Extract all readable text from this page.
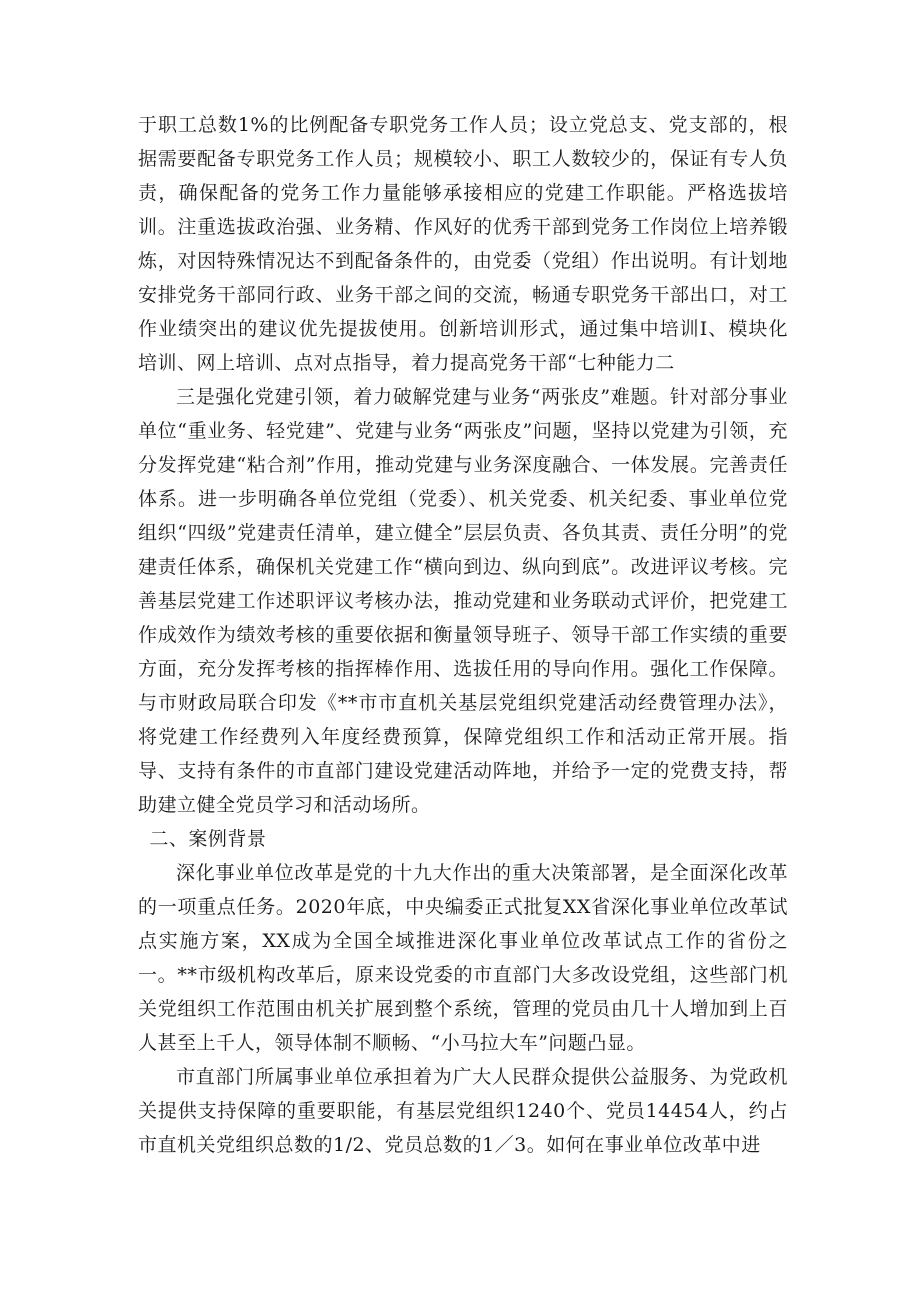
于职工总数1%的比例配备专职党务工作人员；设立党总支、党支部的，根据需要配备专职党务工作人员；规模较小、职工人数较少的，保证有专人负责，确保配备的党务工作力量能够承接相应的党建工作职能。严格选拔培训。注重选拔政治强、业务精、作风好的优秀干部到党务工作岗位上培养锻炼，对因特殊情况达不到配备条件的，由党委（党组）作出说明。有计划地安排党务干部同行政、业务干部之间的交流，畅通专职党务干部出口，对工作业绩突出的建议优先提拔使用。创新培训形式，通过集中培训Ⅰ、模块化培训、网上培训、点对点指导，着力提高党务干部“七种能力二

三是强化党建引领，着力破解党建与业务“两张皮”难题。针对部分事业单位“重业务、轻党建”、党建与业务“两张皮”问题，坚持以党建为引领，充分发挥党建“粘合剂”作用，推动党建与业务深度融合、一体发展。完善责任体系。进一步明确各单位党组（党委）、机关党委、机关纪委、事业单位党组织“四级”党建责任清单，建立健全”层层负责、各负其责、责任分明”的党建责任体系，确保机关党建工作“横向到边、纵向到底”。改进评议考核。完善基层党建工作述职评议考核办法，推动党建和业务联动式评价，把党建工作成效作为绩效考核的重要依据和衡量领导班子、领导干部工作实绩的重要方面，充分发挥考核的指挥棒作用、选拔任用的导向作用。强化工作保障。与市财政局联合印发《**市市直机关基层党组织党建活动经费管理办法》，将党建工作经费列入年度经费预算，保障党组织工作和活动正常开展。指导、支持有条件的市直部门建设党建活动阵地，并给予一定的党费支持，帮助建立健全党员学习和活动场所。

二、案例背景

深化事业单位改革是党的十九大作出的重大决策部署，是全面深化改革的一项重点任务。2020年底，中央编委正式批复XX省深化事业单位改革试点实施方案，XX成为全国全域推进深化事业单位改革试点工作的省份之一。**市级机构改革后，原来设党委的市直部门大多改设党组，这些部门机关党组织工作范围由机关扩展到整个系统，管理的党员由几十人增加到上百人甚至上千人，领导体制不顺畅、“小马拉大车”问题凸显。

市直部门所属事业单位承担着为广大人民群众提供公益服务、为党政机关提供支持保障的重要职能，有基层党组织1240个、党员14454人，约占市直机关党组织总数的1/2、党员总数的1／3。如何在事业单位改革中进
